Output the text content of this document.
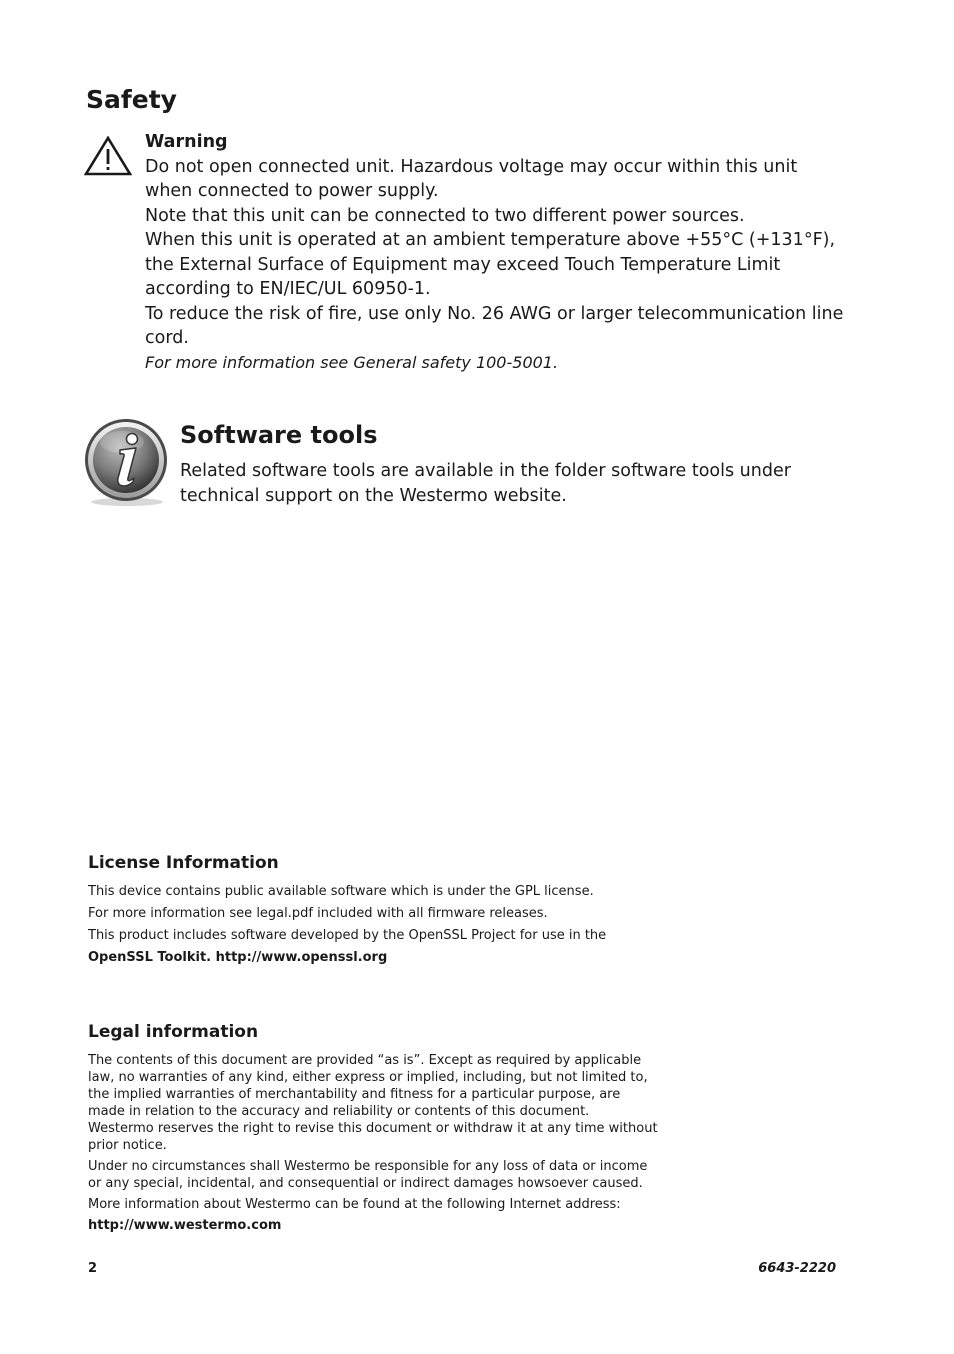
Safety
Warning
Do not open connected unit. Hazardous voltage may occur within this unit when connected to power supply.
Note that this unit can be connected to two different power sources.
When this unit is operated at an ambient temperature above +55°C (+131°F), the External Surface of Equipment may exceed Touch Temperature Limit according to EN/IEC/UL 60950-1.
To reduce the risk of fire, use only No. 26 AWG or larger telecommunication line cord.
For more information see General safety 100-5001.
Software tools

Related software tools are available in the folder software tools under technical support on the Westermo website.

License Information
This device contains public available software which is under the GPL license.
For more information see legal.pdf included with all firmware releases.
This product includes software developed by the OpenSSL Project for use in the
OpenSSL Toolkit. http://www.openssl.org
Legal information

The contents of this document are provided “as is”. Except as required by applicable law, no warranties of any kind, either express or implied, including, but not limited to, the implied warranties of merchantability and fitness for a particular purpose, are made in relation to the accuracy and reliability or contents of this document. Westermo reserves the right to revise this document or withdraw it at any time without prior notice.

Under no circumstances shall Westermo be responsible for any loss of data or income or any special, incidental, and consequential or indirect damages howsoever caused.

More information about Westermo can be found at the following Internet address:

http://www.westermo.com

2	6643-2220
